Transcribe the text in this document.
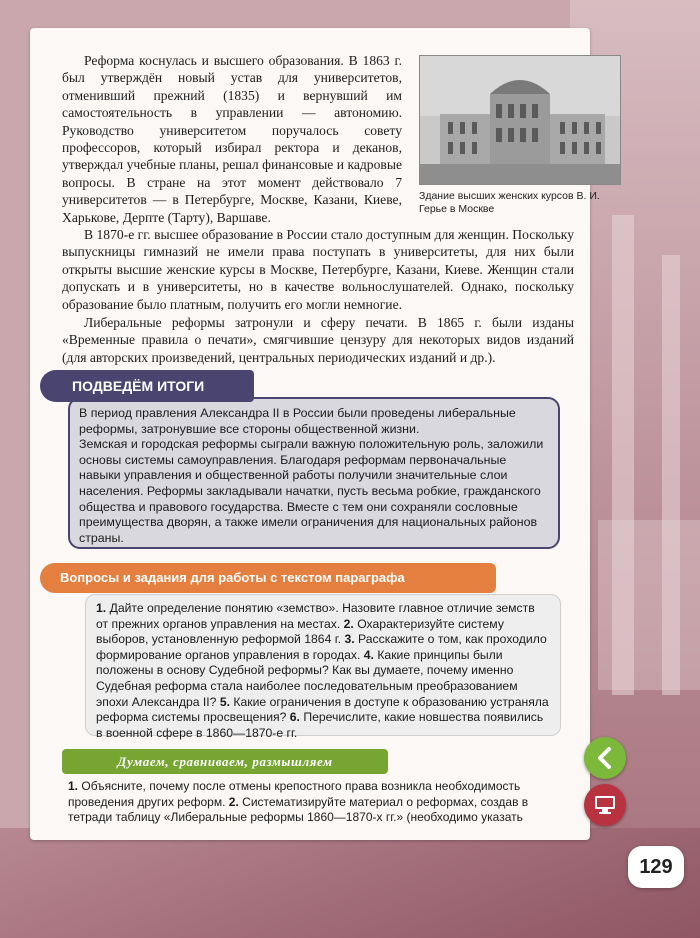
Реформа коснулась и высшего образования. В 1863 г. был утверждён новый устав для университетов, отменивший прежний (1835) и вернувший им самостоятельность в управлении — автономию. Руководство университетом поручалось совету профессоров, который избирал ректора и деканов, утверждал учебные планы, решал финансовые и кадровые вопросы. В стране на этот момент действовало 7 университетов — в Петербурге, Москве, Казани, Киеве, Харькове, Дерпте (Тарту), Варшаве.

Здание высших женских курсов В. И. Герье в Москве

В 1870-е гг. высшее образование в России стало доступным для женщин. Поскольку выпускницы гимназий не имели права поступать в университеты, для них были открыты высшие женские курсы в Москве, Петербурге, Казани, Киеве. Женщин стали допускать и в университеты, но в качестве вольнослушателей. Однако, поскольку образование было платным, получить его могли немногие.

Либеральные реформы затронули и сферу печати. В 1865 г. были изданы «Временные правила о печати», смягчившие цензуру для некоторых видов изданий (для авторских произведений, центральных периодических изданий и др.).

В период правления Александра II в России были проведены либеральные реформы, затронувшие все стороны общественной жизни.
Земская и городская реформы сыграли важную положительную роль, заложили основы системы самоуправления. Благодаря реформам первоначальные навыки управления и общественной работы получили значительные слои населения. Реформы закладывали начатки, пусть весьма робкие, гражданского общества и правового государства. Вместе с тем они сохраняли сословные преимущества дворян, а также имели ограничения для национальных районов страны.
ПОДВЕДЁМ ИТОГИ
1. Дайте определение понятию «земство». Назовите главное отличие земств от прежних органов управления на местах. 2. Охарактеризуйте систему выборов, установленную реформой 1864 г. 3. Расскажите о том, как проходило формирование органов управления в городах. 4. Какие принципы были положены в основу Судебной реформы? Как вы думаете, почему именно Судебная реформа стала наиболее последовательным преобразованием эпохи Александра II? 5. Какие ограничения в доступе к образованию устраняла реформа системы просвещения? 6. Перечислите, какие новшества появились в военной сфере в 1860—1870-е гг.
Вопросы и задания для работы с текстом параграфа
Думаем, сравниваем, размышляем
1. Объясните, почему после отмены крепостного права возникла необходимость проведения других реформ. 2. Систематизируйте материал о реформах, создав в тетради таблицу «Либеральные реформы 1860—1870-х гг.» (необходимо указать
129
